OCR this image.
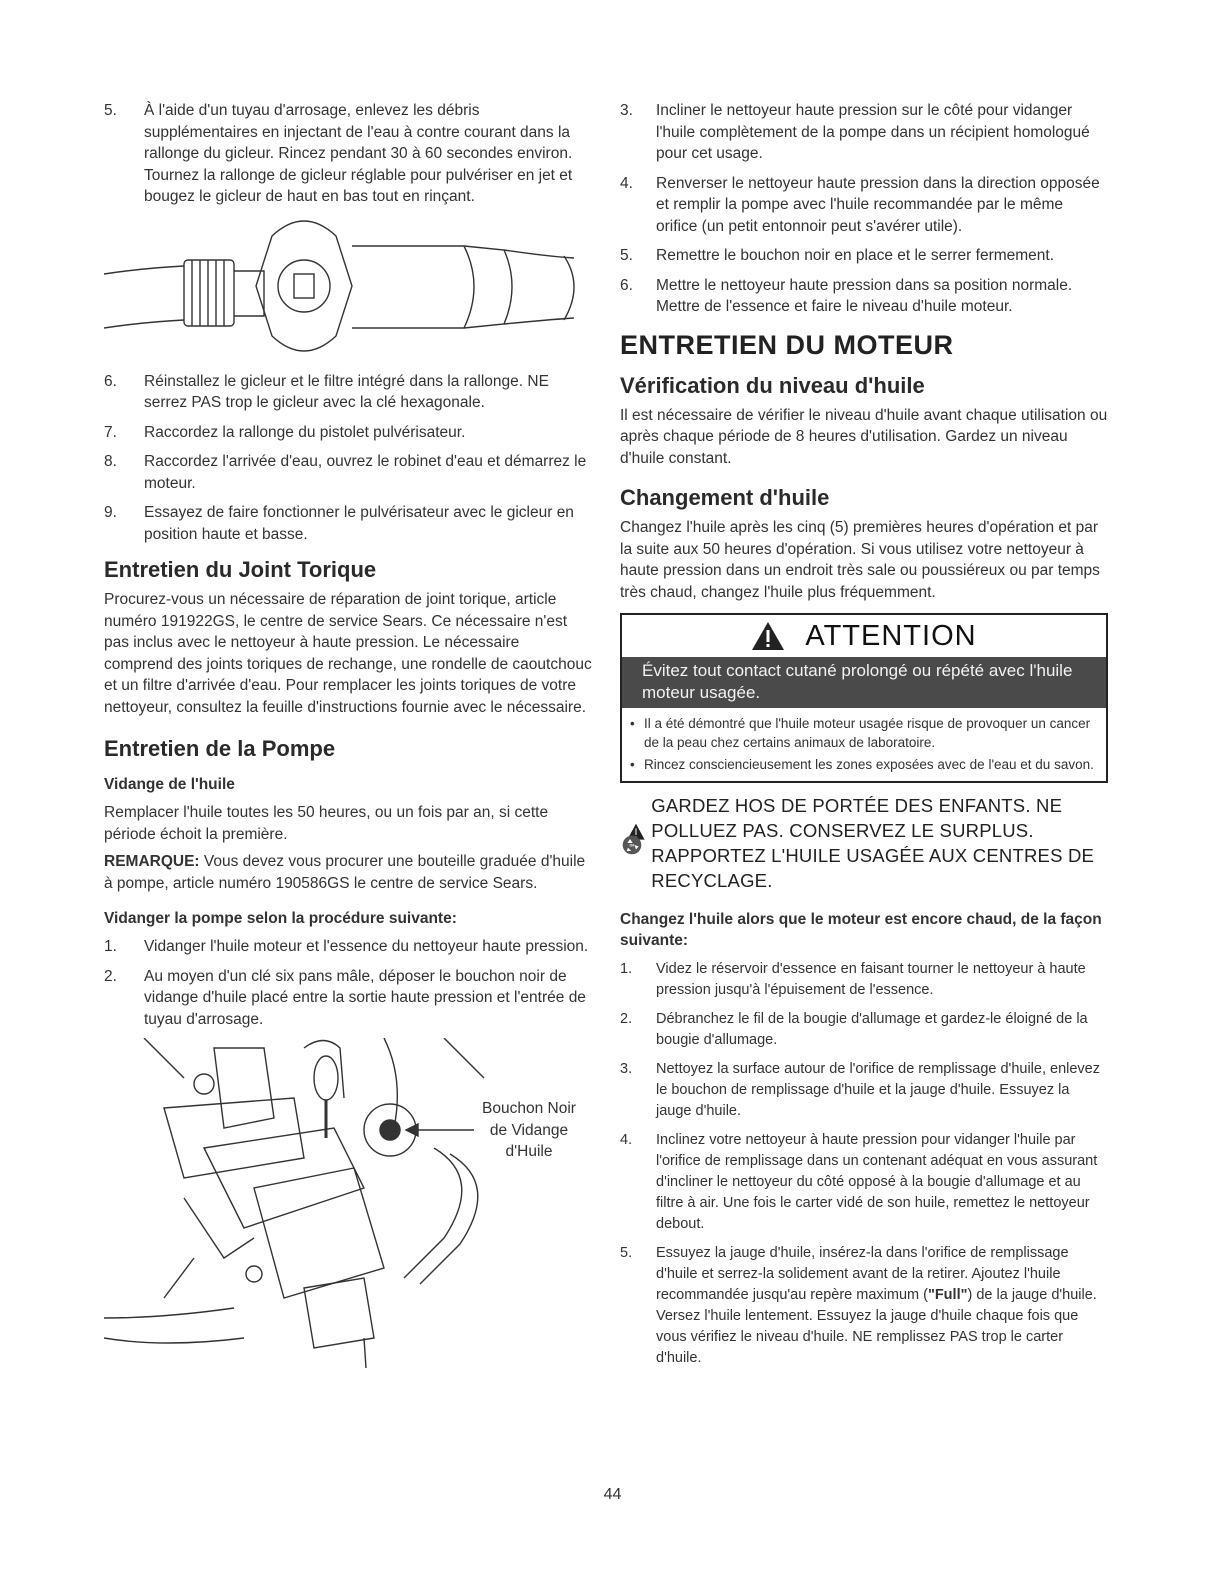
5. À l'aide d'un tuyau d'arrosage, enlevez les débris supplémentaires en injectant de l'eau à contre courant dans la rallonge du gicleur. Rincez pendant 30 à 60 secondes environ. Tournez la rallonge de gicleur réglable pour pulvériser en jet et bougez le gicleur de haut en bas tout en rinçant.
6. Réinstallez le gicleur et le filtre intégré dans la rallonge. NE serrez PAS trop le gicleur avec la clé hexagonale.
7. Raccordez la rallonge du pistolet pulvérisateur.
8. Raccordez l'arrivée d'eau, ouvrez le robinet d'eau et démarrez le moteur.
9. Essayez de faire fonctionner le pulvérisateur avec le gicleur en position haute et basse.
Entretien du Joint Torique

Procurez-vous un nécessaire de réparation de joint torique, article numéro 191922GS, le centre de service Sears. Ce nécessaire n'est pas inclus avec le nettoyeur à haute pression. Le nécessaire comprend des joints toriques de rechange, une rondelle de caoutchouc et un filtre d'arrivée d'eau. Pour remplacer les joints toriques de votre nettoyeur, consultez la feuille d'instructions fournie avec le nécessaire.

Entretien de la Pompe
Vidange de l'huile

Remplacer l'huile toutes les 50 heures, ou un fois par an, si cette période échoit la première.

REMARQUE: Vous devez vous procurer une bouteille graduée d'huile à pompe, article numéro 190586GS le centre de service Sears.

Vidanger la pompe selon la procédure suivante:
1. Vidanger l'huile moteur et l'essence du nettoyeur haute pression.
2. Au moyen d'un clé six pans mâle, déposer le bouchon noir de vidange d'huile placé entre la sortie haute pression et l'entrée de tuyau d'arrosage.
Bouchon Noir
de Vidange
d'Huile
3. Incliner le nettoyeur haute pression sur le côté pour vidanger l'huile complètement de la pompe dans un récipient homologué pour cet usage.
4. Renverser le nettoyeur haute pression dans la direction opposée et remplir la pompe avec l'huile recommandée par le même orifice (un petit entonnoir peut s'avérer utile).
5. Remettre le bouchon noir en place et le serrer fermement.
6. Mettre le nettoyeur haute pression dans sa position normale. Mettre de l'essence et faire le niveau d'huile moteur.
ENTRETIEN DU MOTEUR
Vérification du niveau d'huile

Il est nécessaire de vérifier le niveau d'huile avant chaque utilisation ou après chaque période de 8 heures d'utilisation. Gardez un niveau d'huile constant.

Changement d'huile

Changez l'huile après les cinq (5) premières heures d'opération et par la suite aux 50 heures d'opération. Si vous utilisez votre nettoyeur à haute pression dans un endroit très sale ou poussiéreux ou par temps très chaud, changez l'huile plus fréquemment.

ATTENTION
Évitez tout contact cutané prolongé ou répété avec l'huile moteur usagée.
• Il a été démontré que l'huile moteur usagée risque de provoquer un cancer de la peau chez certains animaux de laboratoire.
• Rincez consciencieusement les zones exposées avec de l'eau et du savon.
Oil
GARDEZ HOS DE PORTÉE DES ENFANTS. NE POLLUEZ PAS. CONSERVEZ LE SURPLUS. RAPPORTEZ L'HUILE USAGÉE AUX CENTRES DE RECYCLAGE.
Changez l'huile alors que le moteur est encore chaud, de la façon suivante:
1. Videz le réservoir d'essence en faisant tourner le nettoyeur à haute pression jusqu'à l'épuisement de l'essence.
2. Débranchez le fil de la bougie d'allumage et gardez-le éloigné de la bougie d'allumage.
3. Nettoyez la surface autour de l'orifice de remplissage d'huile, enlevez le bouchon de remplissage d'huile et la jauge d'huile. Essuyez la jauge d'huile.
4. Inclinez votre nettoyeur à haute pression pour vidanger l'huile par l'orifice de remplissage dans un contenant adéquat en vous assurant d'incliner le nettoyeur du côté opposé à la bougie d'allumage et au filtre à air. Une fois le carter vidé de son huile, remettez le nettoyeur debout.
5. Essuyez la jauge d'huile, insérez-la dans l'orifice de remplissage d'huile et serrez-la solidement avant de la retirer. Ajoutez l'huile recommandée jusqu'au repère maximum ("Full") de la jauge d'huile. Versez l'huile lentement. Essuyez la jauge d'huile chaque fois que vous vérifiez le niveau d'huile. NE remplissez PAS trop le carter d'huile.
44
